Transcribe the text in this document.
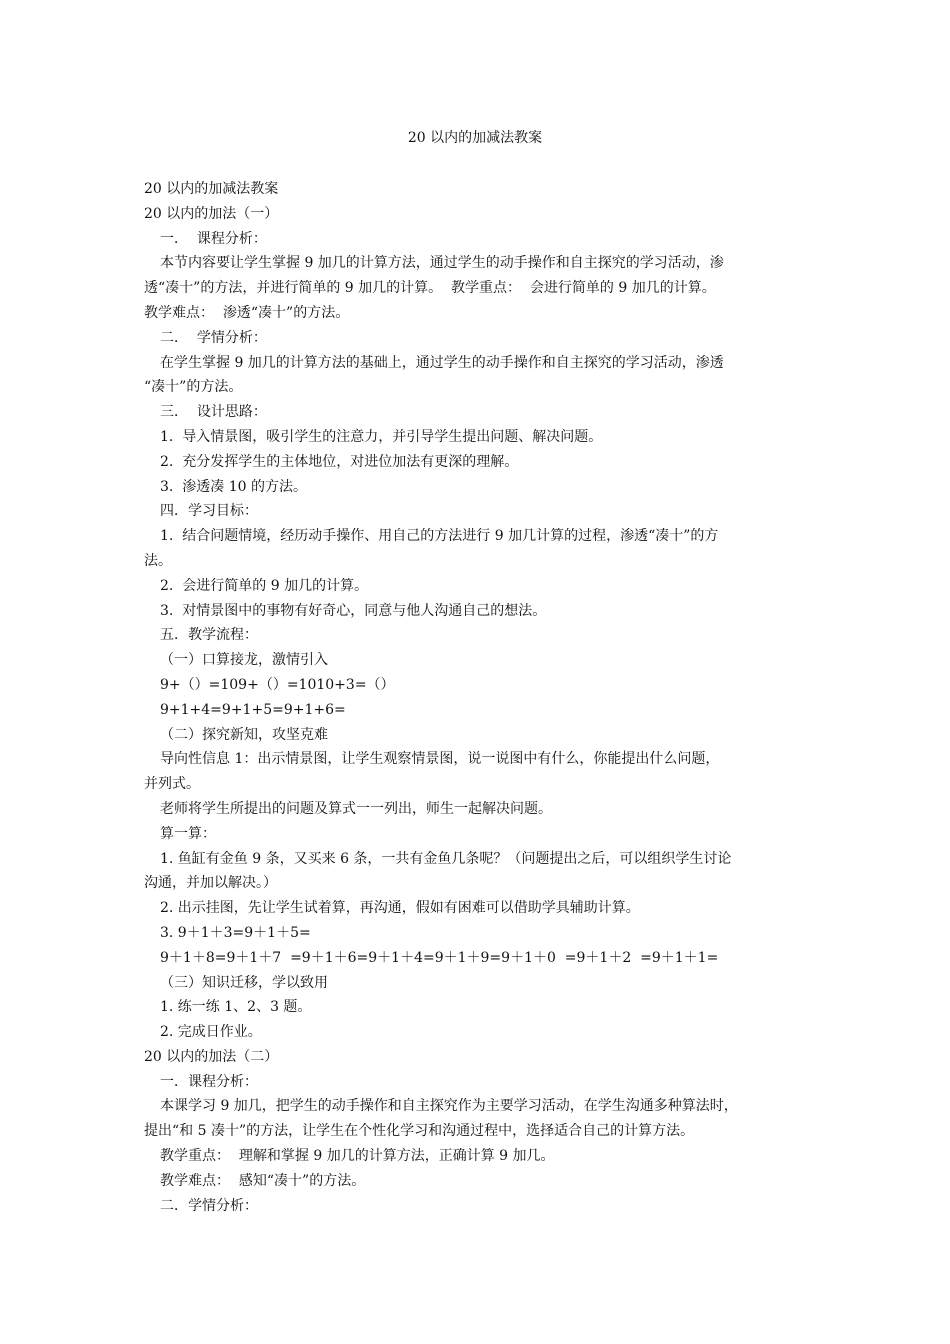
20 以内的加减法教案

20 以内的加减法教案

20 以内的加法（一）

一．  课程分析：

本节内容要让学生掌握 9 加几的计算方法，通过学生的动手操作和自主探究的学习活动，渗

透“凑十”的方法，并进行简单的 9 加几的计算。  教学重点：  会进行简单的 9 加几的计算。

教学难点：  渗透“凑十”的方法。

二．  学情分析：

在学生掌握 9 加几的计算方法的基础上，通过学生的动手操作和自主探究的学习活动，渗透

“凑十”的方法。

三．  设计思路：

1.  导入情景图，吸引学生的注意力，并引导学生提出问题、解决问题。

2.  充分发挥学生的主体地位，对进位加法有更深的理解。

3.  渗透凑 10 的方法。

四．学习目标：

1.  结合问题情境，经历动手操作、用自己的方法进行 9 加几计算的过程，渗透“凑十”的方

法。

2.  会进行简单的 9 加几的计算。

3.  对情景图中的事物有好奇心，同意与他人沟通自己的想法。

五．教学流程：

（一）口算接龙，激情引入

9+（）=109+（）=1010+3=（）

9+1+4=9+1+5=9+1+6=

（二）探究新知，攻坚克难

导向性信息 1：出示情景图，让学生观察情景图，说一说图中有什么，你能提出什么问题，

并列式。

老师将学生所提出的问题及算式一一列出，师生一起解决问题。

算一算：

1. 鱼缸有金鱼 9 条，又买来 6 条，一共有金鱼几条呢？（问题提出之后，可以组织学生讨论

沟通，并加以解决。）

2. 出示挂图，先让学生试着算，再沟通，假如有困难可以借助学具辅助计算。

3. 9＋1＋3=9＋1＋5=

9＋1＋8=9＋1＋7  =9＋1＋6=9＋1＋4=9＋1＋9=9＋1＋0  =9＋1＋2  =9＋1＋1=

（三）知识迁移，学以致用

1. 练一练 1、2、3 题。

2. 完成日作业。

20 以内的加法（二）

一．课程分析：

本课学习 9 加几，把学生的动手操作和自主探究作为主要学习活动，在学生沟通多种算法时，

提出“和 5 凑十”的方法，让学生在个性化学习和沟通过程中，选择适合自己的计算方法。

教学重点：  理解和掌握 9 加几的计算方法，正确计算 9 加几。

教学难点：  感知“凑十”的方法。

二．学情分析：
